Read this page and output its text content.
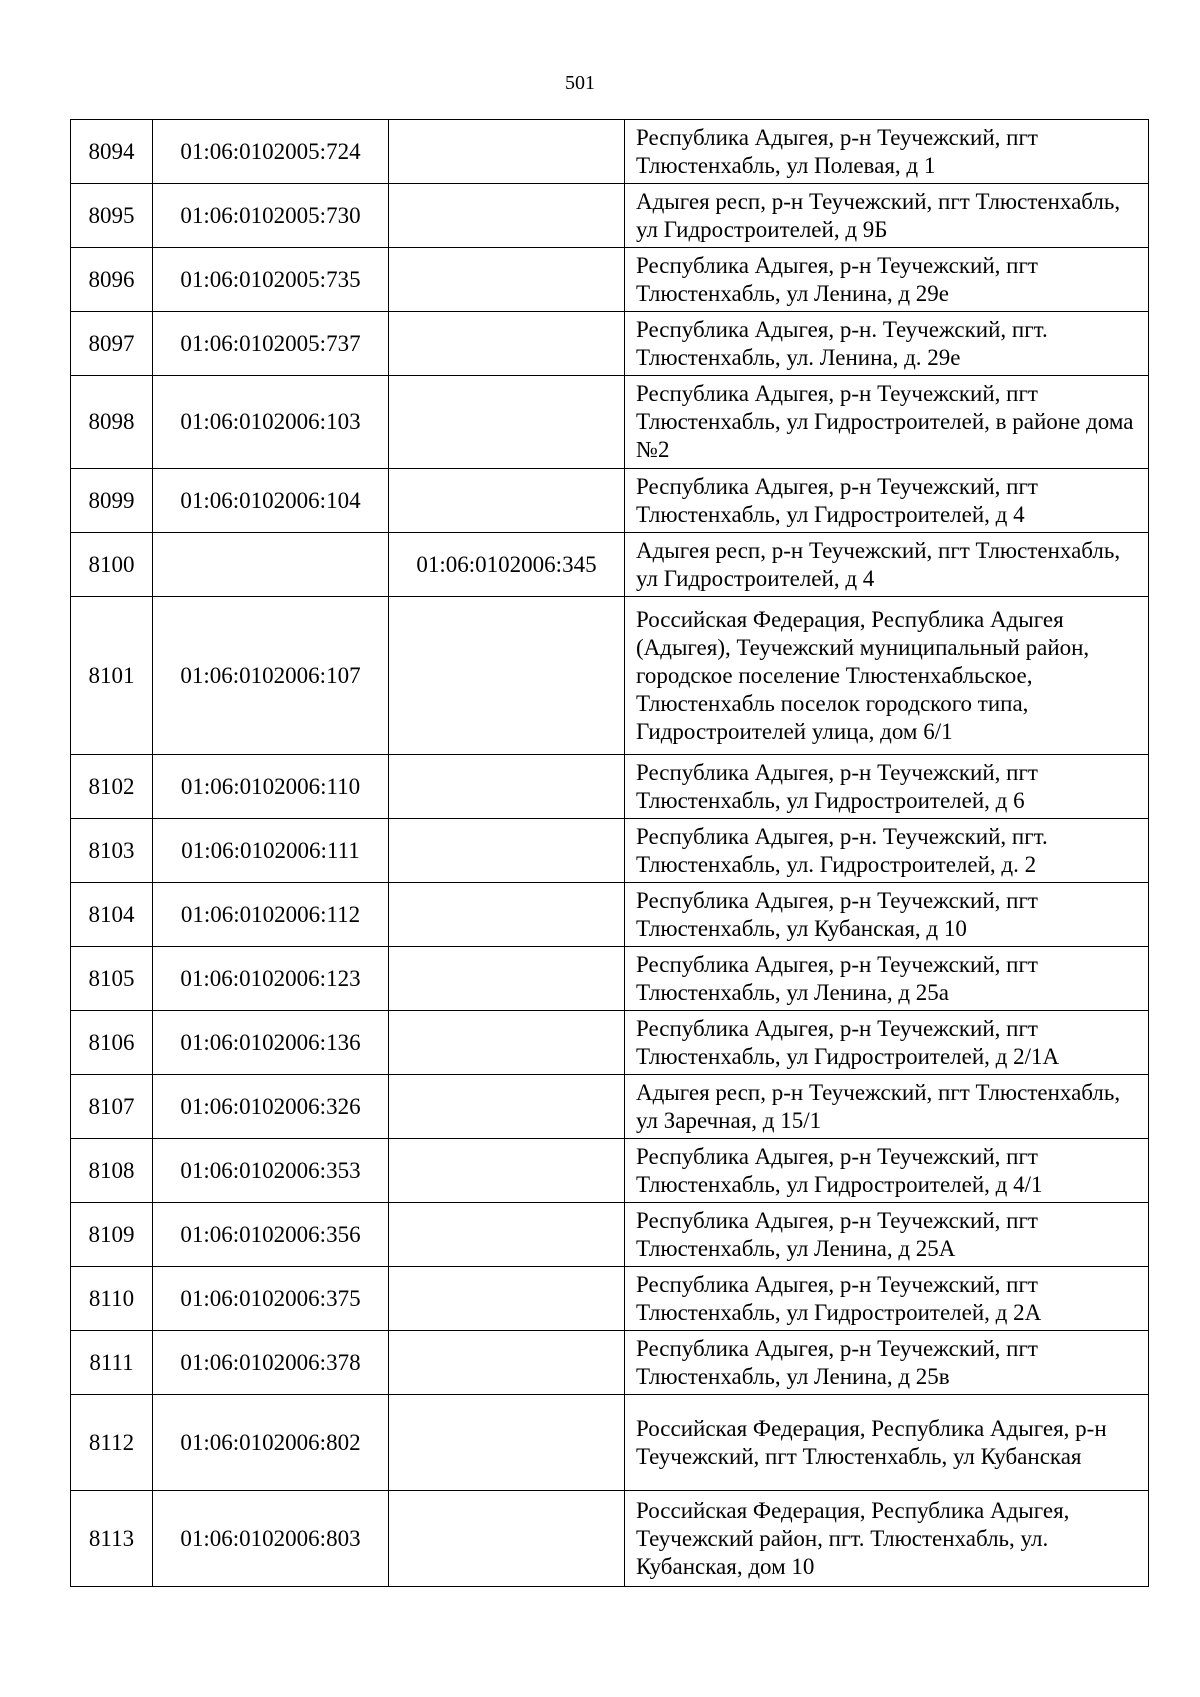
501
8094	01:06:0102005:724		Республика Адыгея, р-н Теучежский, пгт Тлюстенхабль, ул Полевая, д 1
8095	01:06:0102005:730		Адыгея респ, р-н Теучежский, пгт Тлюстенхабль, ул Гидростроителей, д 9Б
8096	01:06:0102005:735		Республика Адыгея, р-н Теучежский, пгт Тлюстенхабль, ул Ленина, д 29е
8097	01:06:0102005:737		Республика Адыгея, р-н. Теучежский, пгт. Тлюстенхабль, ул. Ленина, д. 29е
8098	01:06:0102006:103		Республика Адыгея, р-н Теучежский, пгт Тлюстенхабль, ул Гидростроителей, в районе дома №2
8099	01:06:0102006:104		Республика Адыгея, р-н Теучежский, пгт Тлюстенхабль, ул Гидростроителей, д 4
8100		01:06:0102006:345	Адыгея респ, р-н Теучежский, пгт Тлюстенхабль, ул Гидростроителей, д 4
8101	01:06:0102006:107		Российская Федерация, Республика Адыгея (Адыгея), Теучежский муниципальный район, городское поселение Тлюстенхабльское, Тлюстенхабль поселок городского типа, Гидростроителей улица, дом 6/1
8102	01:06:0102006:110		Республика Адыгея, р-н Теучежский, пгт Тлюстенхабль, ул Гидростроителей, д 6
8103	01:06:0102006:111		Республика Адыгея, р-н. Теучежский, пгт. Тлюстенхабль, ул. Гидростроителей, д. 2
8104	01:06:0102006:112		Республика Адыгея, р-н Теучежский, пгт Тлюстенхабль, ул Кубанская, д 10
8105	01:06:0102006:123		Республика Адыгея, р-н Теучежский, пгт Тлюстенхабль, ул Ленина, д 25а
8106	01:06:0102006:136		Республика Адыгея, р-н Теучежский, пгт Тлюстенхабль, ул Гидростроителей, д 2/1А
8107	01:06:0102006:326		Адыгея респ, р-н Теучежский, пгт Тлюстенхабль, ул Заречная, д 15/1
8108	01:06:0102006:353		Республика Адыгея, р-н Теучежский, пгт Тлюстенхабль, ул Гидростроителей, д 4/1
8109	01:06:0102006:356		Республика Адыгея, р-н Теучежский, пгт Тлюстенхабль, ул Ленина, д 25А
8110	01:06:0102006:375		Республика Адыгея, р-н Теучежский, пгт Тлюстенхабль, ул Гидростроителей, д 2А
8111	01:06:0102006:378		Республика Адыгея, р-н Теучежский, пгт Тлюстенхабль, ул Ленина, д 25в
8112	01:06:0102006:802		Российская Федерация, Республика Адыгея, р-н Теучежский, пгт Тлюстенхабль, ул Кубанская
8113	01:06:0102006:803		Российская Федерация, Республика Адыгея, Теучежский район, пгт. Тлюстенхабль, ул. Кубанская, дом 10
